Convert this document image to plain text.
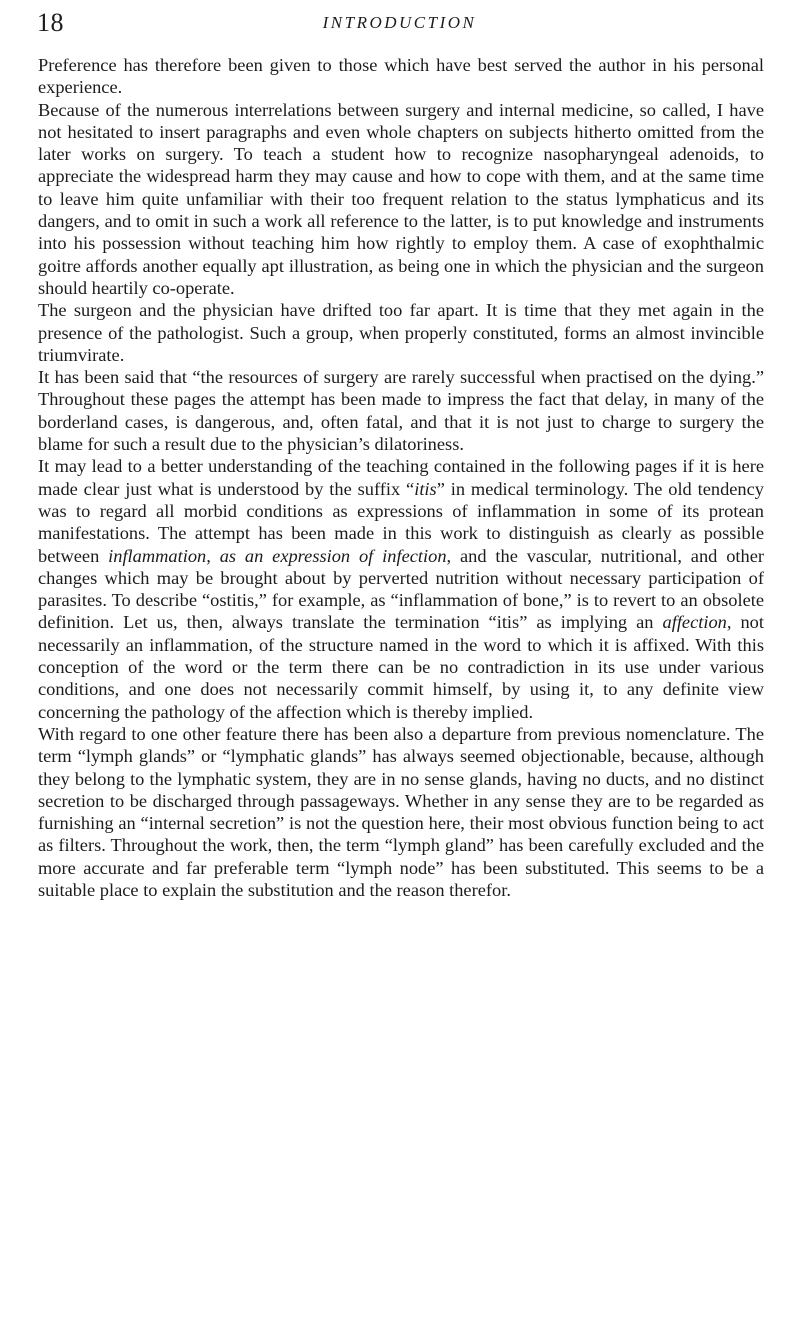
18	INTRODUCTION

Preference has therefore been given to those which have best served the author in his personal experience.

Because of the numerous interrelations between surgery and internal medicine, so called, I have not hesitated to insert paragraphs and even whole chapters on subjects hitherto omitted from the later works on surgery. To teach a student how to recognize nasopharyngeal adenoids, to appreciate the widespread harm they may cause and how to cope with them, and at the same time to leave him quite unfamiliar with their too frequent relation to the status lymphaticus and its dangers, and to omit in such a work all reference to the latter, is to put knowledge and instruments into his possession without teaching him how rightly to employ them. A case of exophthalmic goitre affords another equally apt illustration, as being one in which the physician and the surgeon should heartily co-operate.

The surgeon and the physician have drifted too far apart. It is time that they met again in the presence of the pathologist. Such a group, when properly constituted, forms an almost invincible triumvirate.

It has been said that “the resources of surgery are rarely successful when practised on the dying.” Throughout these pages the attempt has been made to impress the fact that delay, in many of the borderland cases, is dangerous, and, often fatal, and that it is not just to charge to surgery the blame for such a result due to the physician’s dilatoriness.

It may lead to a better understanding of the teaching contained in the following pages if it is here made clear just what is understood by the suffix “itis” in medical terminology. The old tendency was to regard all morbid conditions as expressions of inflammation in some of its protean manifestations. The attempt has been made in this work to distinguish as clearly as possible between inflammation, as an expression of infection, and the vascular, nutritional, and other changes which may be brought about by perverted nutrition without necessary participation of parasites. To describe “ostitis,” for example, as “inflammation of bone,” is to revert to an obsolete definition. Let us, then, always translate the termination “itis” as implying an affection, not necessarily an inflammation, of the structure named in the word to which it is affixed. With this conception of the word or the term there can be no contradiction in its use under various conditions, and one does not necessarily commit himself, by using it, to any definite view concerning the pathology of the affection which is thereby implied.

With regard to one other feature there has been also a departure from previous nomenclature. The term “lymph glands” or “lymphatic glands” has always seemed objectionable, because, although they belong to the lymphatic system, they are in no sense glands, having no ducts, and no distinct secretion to be discharged through passageways. Whether in any sense they are to be regarded as furnishing an “internal secretion” is not the question here, their most obvious function being to act as filters. Throughout the work, then, the term “lymph gland” has been carefully excluded and the more accurate and far preferable term “lymph node” has been substituted. This seems to be a suitable place to explain the substitution and the reason therefor.
